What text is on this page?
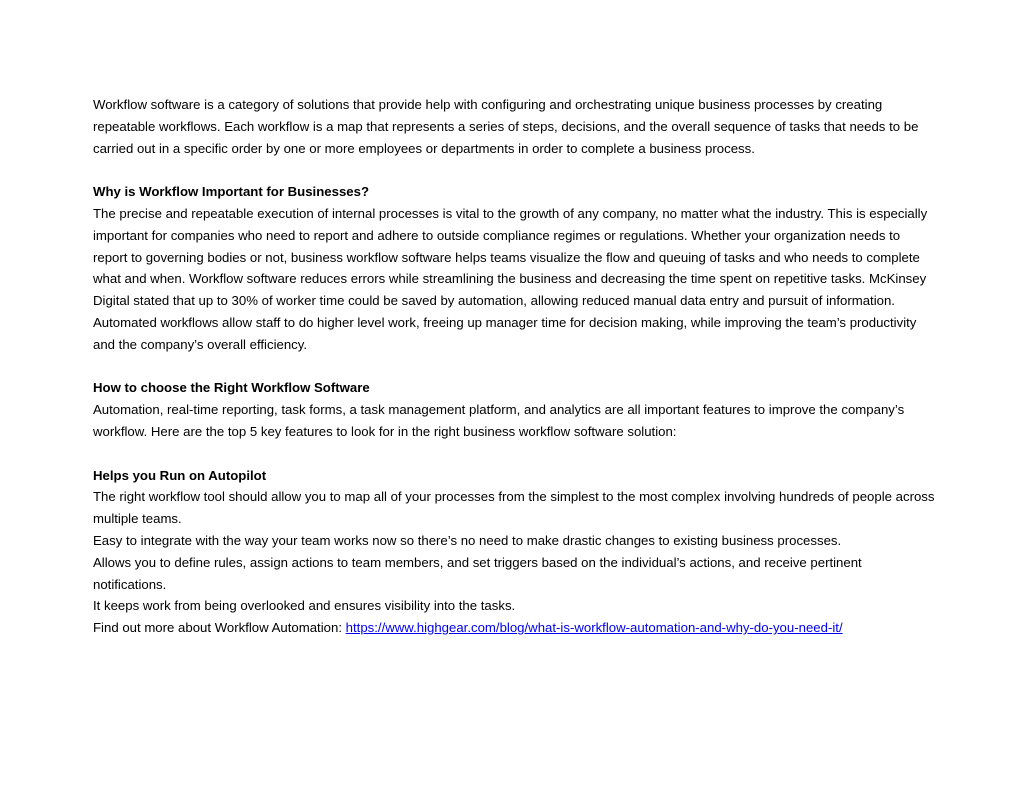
Workflow software is a category of solutions that provide help with configuring and orchestrating unique business processes by creating repeatable workflows. Each workflow is a map that represents a series of steps, decisions, and the overall sequence of tasks that needs to be carried out in a specific order by one or more employees or departments in order to complete a business process.

Why is Workflow Important for Businesses?

The precise and repeatable execution of internal processes is vital to the growth of any company, no matter what the industry. This is especially important for companies who need to report and adhere to outside compliance regimes or regulations. Whether your organization needs to report to governing bodies or not, business workflow software helps teams visualize the flow and queuing of tasks and who needs to complete what and when. Workflow software reduces errors while streamlining the business and decreasing the time spent on repetitive tasks. McKinsey Digital stated that up to 30% of worker time could be saved by automation, allowing reduced manual data entry and pursuit of information. Automated workflows allow staff to do higher level work, freeing up manager time for decision making, while improving the team’s productivity and the company’s overall efficiency.

How to choose the Right Workflow Software

Automation, real-time reporting, task forms, a task management platform, and analytics are all important features to improve the company’s workflow. Here are the top 5 key features to look for in the right business workflow software solution:

Helps you Run on Autopilot

The right workflow tool should allow you to map all of your processes from the simplest to the most complex involving hundreds of people across multiple teams.

Easy to integrate with the way your team works now so there’s no need to make drastic changes to existing business processes.

Allows you to define rules, assign actions to team members, and set triggers based on the individual’s actions, and receive pertinent notifications.

It keeps work from being overlooked and ensures visibility into the tasks.

Find out more about Workflow Automation: https://www.highgear.com/blog/what-is-workflow-automation-and-why-do-you-need-it/
